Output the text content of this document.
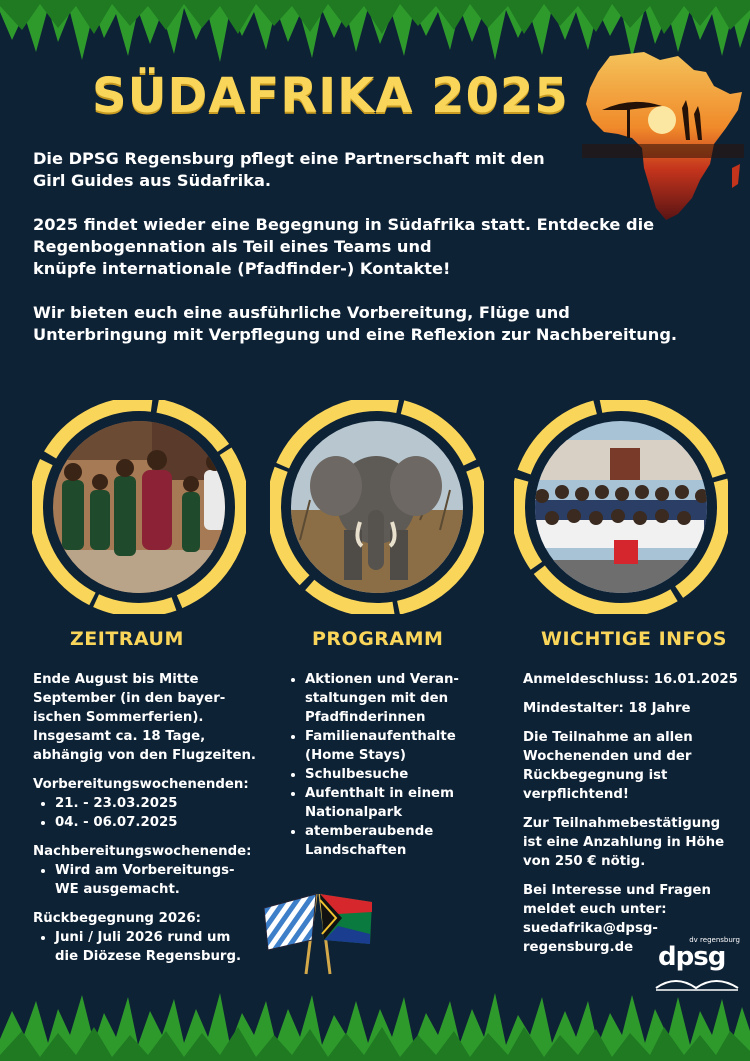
SÜDAFRIKA 2025

Die DPSG Regensburg pflegt eine Partnerschaft mit den
Girl Guides aus Südafrika.

2025 findet wieder eine Begegnung in Südafrika statt. Entdecke die
Regenbogennation als Teil eines Teams und
knüpfe internationale (Pfadfinder-) Kontakte!

Wir bieten euch eine ausführliche Vorbereitung, Flüge und
Unterbringung mit Verpflegung und eine Reflexion zur Nachbereitung.

ZEITRAUM	PROGRAMM	WICHTIGE INFOS

Ende August bis Mitte
September (in den bayer-
ischen Sommerferien).
Insgesamt ca. 18 Tage,
abhängig von den Flugzeiten.

Vorbereitungswochenenden:
• 21. - 23.03.2025
• 04. - 06.07.2025
Nachbereitungswochenende:
• Wird am Vorbereitungs-
WE ausgemacht.
Rückbegegnung 2026:
• Juni / Juli 2026 rund um
die Diözese Regensburg.
• Aktionen und Veran-
staltungen mit den
Pfadfinderinnen
• Familienaufenthalte
(Home Stays)
• Schulbesuche
• Aufenthalt in einem
Nationalpark
• atemberaubende
Landschaften

Anmeldeschluss: 16.01.2025

Mindestalter: 18 Jahre

Die Teilnahme an allen
Wochenenden und der
Rückbegegnung ist
verpflichtend!

Zur Teilnahmebestätigung
ist eine Anzahlung in Höhe
von 250 € nötig.

Bei Interesse und Fragen
meldet euch unter:
suedafrika@dpsg-
regensburg.de	dv regensburg
dpsg
